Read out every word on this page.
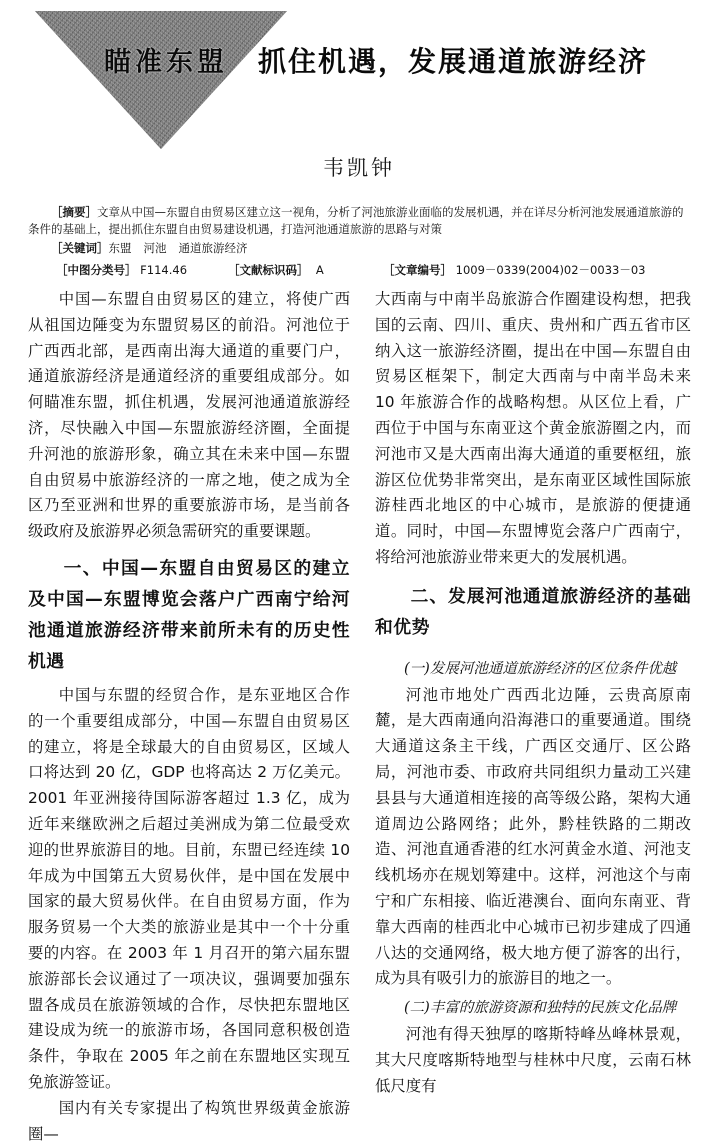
瞄准东盟 抓住机遇，发展通道旅游经济
韦凯钟

［摘要］文章从中国—东盟自由贸易区建立这一视角，分析了河池旅游业面临的发展机遇，并在详尽分析河池发展通道旅游的条件的基础上，提出抓住东盟自由贸易建设机遇，打造河池通道旅游的思路与对策

［关键词］东盟 河池 通道旅游经济

［中图分类号］ F114.46	［文献标识码］ A	［文章编号］ 1009－0339(2004)02－0033－03

中国—东盟自由贸易区的建立，将使广西从祖国边陲变为东盟贸易区的前沿。河池位于广西西北部，是西南出海大通道的重要门户，通道旅游经济是通道经济的重要组成部分。如何瞄准东盟，抓住机遇，发展河池通道旅游经济，尽快融入中国—东盟旅游经济圈，全面提升河池的旅游形象，确立其在未来中国—东盟自由贸易中旅游经济的一席之地，使之成为全区乃至亚洲和世界的重要旅游市场，是当前各级政府及旅游界必须急需研究的重要课题。

一、中国—东盟自由贸易区的建立及中国—东盟博览会落户广西南宁给河池通道旅游经济带来前所未有的历史性机遇

中国与东盟的经贸合作，是东亚地区合作的一个重要组成部分，中国—东盟自由贸易区的建立，将是全球最大的自由贸易区，区域人口将达到 20 亿，GDP 也将高达 2 万亿美元。2001 年亚洲接待国际游客超过 1.3 亿，成为近年来继欧洲之后超过美洲成为第二位最受欢迎的世界旅游目的地。目前，东盟已经连续 10 年成为中国第五大贸易伙伴，是中国在发展中国家的最大贸易伙伴。在自由贸易方面，作为服务贸易一个大类的旅游业是其中一个十分重要的内容。在 2003 年 1 月召开的第六届东盟旅游部长会议通过了一项决议，强调要加强东盟各成员在旅游领域的合作，尽快把东盟地区建设成为统一的旅游市场，各国同意积极创造条件，争取在 2005 年之前在东盟地区实现互免旅游签证。

国内有关专家提出了构筑世界级黄金旅游圈—

大西南与中南半岛旅游合作圈建设构想，把我国的云南、四川、重庆、贵州和广西五省市区纳入这一旅游经济圈，提出在中国—东盟自由贸易区框架下，制定大西南与中南半岛未来 10 年旅游合作的战略构想。从区位上看，广西位于中国与东南亚这个黄金旅游圈之内，而河池市又是大西南出海大通道的重要枢纽，旅游区位优势非常突出，是东南亚区域性国际旅游桂西北地区的中心城市，是旅游的便捷通道。同时，中国—东盟博览会落户广西南宁，将给河池旅游业带来更大的发展机遇。

二、发展河池通道旅游经济的基础和优势
(一)发展河池通道旅游经济的区位条件优越

河池市地处广西西北边陲，云贵高原南麓，是大西南通向沿海港口的重要通道。围绕大通道这条主干线，广西区交通厅、区公路局，河池市委、市政府共同组织力量动工兴建县县与大通道相连接的高等级公路，架构大通道周边公路网络；此外，黔桂铁路的二期改造、河池直通香港的红水河黄金水道、河池支线机场亦在规划筹建中。这样，河池这个与南宁和广东相接、临近港澳台、面向东南亚、背靠大西南的桂西北中心城市已初步建成了四通八达的交通网络，极大地方便了游客的出行，成为具有吸引力的旅游目的地之一。

(二)丰富的旅游资源和独特的民族文化品牌

河池有得天独厚的喀斯特峰丛峰林景观，其大尺度喀斯特地型与桂林中尺度，云南石林低尺度有
